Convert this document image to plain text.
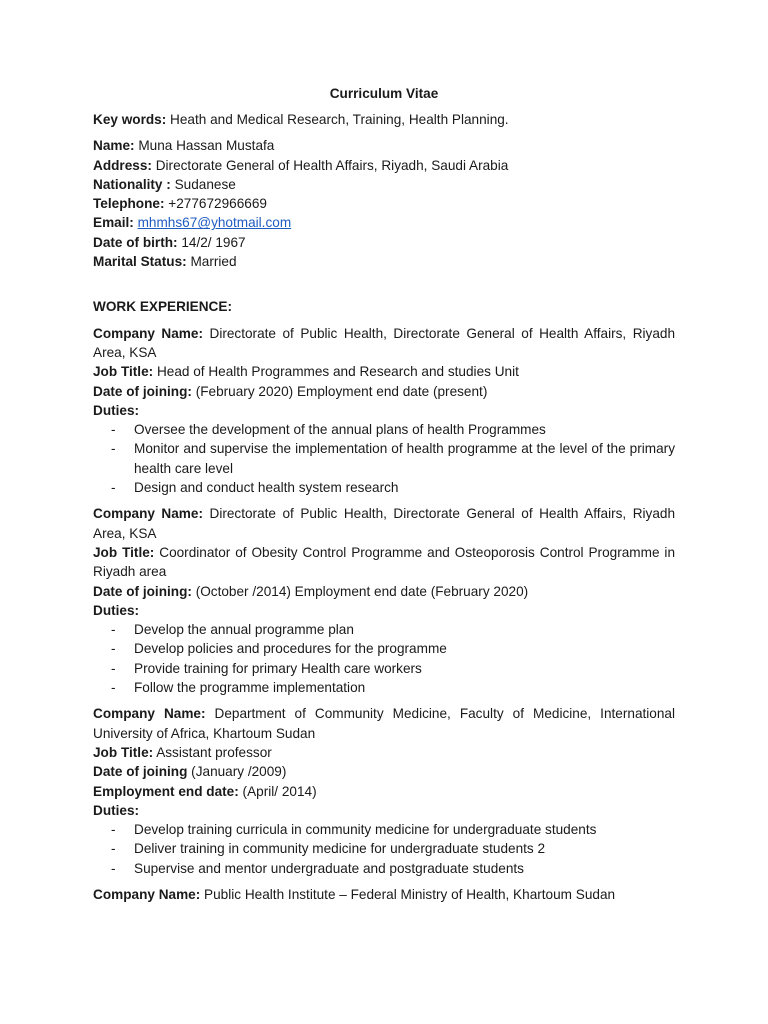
Curriculum Vitae

Key words: Heath and Medical Research, Training, Health Planning.

Name: Muna Hassan Mustafa

Address: Directorate General of Health Affairs, Riyadh, Saudi Arabia

Nationality : Sudanese

Telephone: +277672966669

Email: mhmhs67@yhotmail.com

Date of birth: 14/2/ 1967

Marital Status: Married

WORK EXPERIENCE:

Company Name: Directorate of Public Health, Directorate General of Health Affairs, Riyadh Area, KSA

Job Title: Head of Health Programmes and Research and studies Unit

Date of joining: (February 2020) Employment end date (present)

Duties:

- Oversee the development of the annual plans of health Programmes
- Monitor and supervise the implementation of health programme at the level of the primary health care level
- Design and conduct health system research

Company Name: Directorate of Public Health, Directorate General of Health Affairs, Riyadh Area, KSA

Job Title: Coordinator of Obesity Control Programme and Osteoporosis Control Programme in Riyadh area

Date of joining: (October /2014) Employment end date (February 2020)

Duties:

- Develop the annual programme plan
- Develop policies and procedures for the programme
- Provide training for primary Health care workers
- Follow the programme implementation

Company Name: Department of Community Medicine, Faculty of Medicine, International University of Africa, Khartoum Sudan

Job Title: Assistant professor

Date of joining (January /2009)

Employment end date: (April/ 2014)

Duties:

- Develop training curricula in community medicine for undergraduate students
- Deliver training in community medicine for undergraduate students 2
- Supervise and mentor undergraduate and postgraduate students

Company Name: Public Health Institute – Federal Ministry of Health, Khartoum Sudan
